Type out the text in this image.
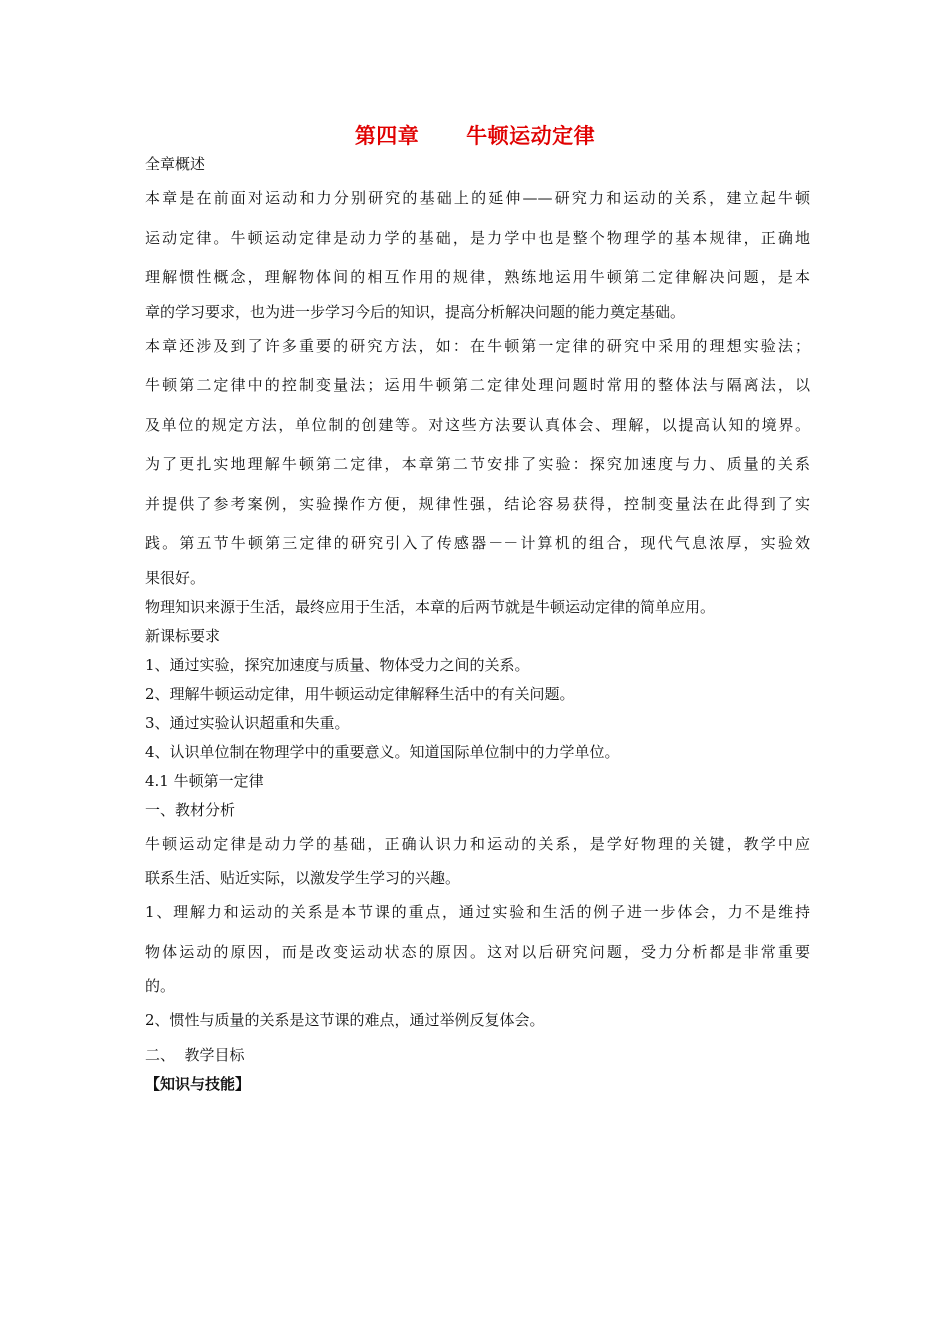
第四章      牛顿运动定律
全章概述
本章是在前面对运动和力分别研究的基础上的延伸——研究力和运动的关系，建立起牛顿
运动定律。牛顿运动定律是动力学的基础，是力学中也是整个物理学的基本规律，正确地
理解惯性概念，理解物体间的相互作用的规律，熟练地运用牛顿第二定律解决问题，是本
章的学习要求，也为进一步学习今后的知识，提高分析解决问题的能力奠定基础。
本章还涉及到了许多重要的研究方法，如：在牛顿第一定律的研究中采用的理想实验法；
牛顿第二定律中的控制变量法；运用牛顿第二定律处理问题时常用的整体法与隔离法，以
及单位的规定方法，单位制的创建等。对这些方法要认真体会、理解，以提高认知的境界。
为了更扎实地理解牛顿第二定律，本章第二节安排了实验：探究加速度与力、质量的关系
并提供了参考案例，实验操作方便，规律性强，结论容易获得，控制变量法在此得到了实
践。第五节牛顿第三定律的研究引入了传感器－－计算机的组合，现代气息浓厚，实验效
果很好。
物理知识来源于生活，最终应用于生活，本章的后两节就是牛顿运动定律的简单应用。
新课标要求
1、通过实验，探究加速度与质量、物体受力之间的关系。
2、理解牛顿运动定律，用牛顿运动定律解释生活中的有关问题。
3、通过实验认识超重和失重。
4、认识单位制在物理学中的重要意义。知道国际单位制中的力学单位。
4.1 牛顿第一定律
一、教材分析
牛顿运动定律是动力学的基础，正确认识力和运动的关系，是学好物理的关键，教学中应
联系生活、贴近实际，以激发学生学习的兴趣。
1、理解力和运动的关系是本节课的重点，通过实验和生活的例子进一步体会，力不是维持
物体运动的原因，而是改变运动状态的原因。这对以后研究问题，受力分析都是非常重要
的。
2、惯性与质量的关系是这节课的难点，通过举例反复体会。
二、  教学目标
【知识与技能】
